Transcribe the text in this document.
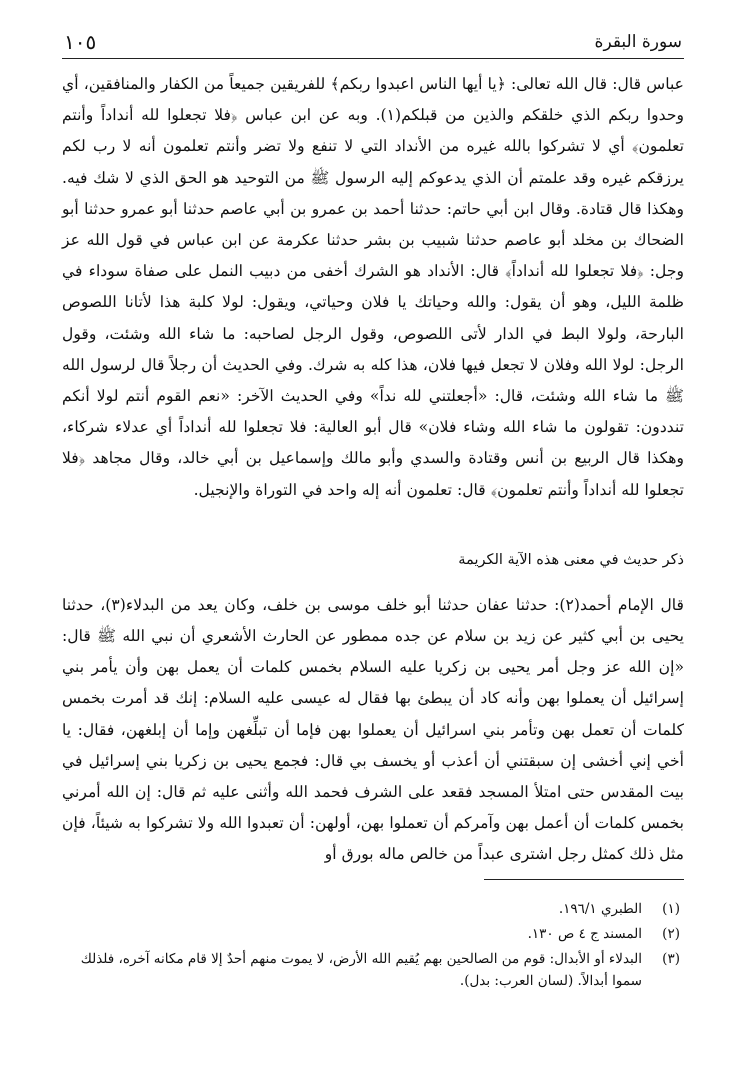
سورة البقرة
١٠٥

عباس قال: قال الله تعالى: ﴿يا أيها الناس اعبدوا ربكم﴾ للفريقين جميعاً من الكفار والمنافقين، أي وحدوا ربكم الذي خلقكم والذين من قبلكم(١). وبه عن ابن عباس ﴿فلا تجعلوا لله أنداداً وأنتم تعلمون﴾ أي لا تشركوا بالله غيره من الأنداد التي لا تنفع ولا تضر وأنتم تعلمون أنه لا رب لكم يرزقكم غيره وقد علمتم أن الذي يدعوكم إليه الرسول ﷺ من التوحيد هو الحق الذي لا شك فيه. وهكذا قال قتادة. وقال ابن أبي حاتم: حدثنا أحمد بن عمرو بن أبي عاصم حدثنا أبو عمرو حدثنا أبو الضحاك بن مخلد أبو عاصم حدثنا شبيب بن بشر حدثنا عكرمة عن ابن عباس في قول الله عز وجل: ﴿فلا تجعلوا لله أنداداً﴾ قال: الأنداد هو الشرك أخفى من دبيب النمل على صفاة سوداء في ظلمة الليل، وهو أن يقول: والله وحياتك يا فلان وحياتي، ويقول: لولا كلبة هذا لأتانا اللصوص البارحة، ولولا البط في الدار لأتى اللصوص، وقول الرجل لصاحبه: ما شاء الله وشئت، وقول الرجل: لولا الله وفلان لا تجعل فيها فلان، هذا كله به شرك. وفي الحديث أن رجلاً قال لرسول الله ﷺ ما شاء الله وشئت، قال: «أجعلتني لله نداً» وفي الحديث الآخر: «نعم القوم أنتم لولا أنكم تنددون: تقولون ما شاء الله وشاء فلان» قال أبو العالية: فلا تجعلوا لله أنداداً أي عدلاء شركاء، وهكذا قال الربيع بن أنس وقتادة والسدي وأبو مالك وإسماعيل بن أبي خالد، وقال مجاهد ﴿فلا تجعلوا لله أنداداً وأنتم تعلمون﴾ قال: تعلمون أنه إله واحد في التوراة والإنجيل.

ذكر حديث في معنى هذه الآية الكريمة

قال الإمام أحمد(٢): حدثنا عفان حدثنا أبو خلف موسى بن خلف، وكان يعد من البدلاء(٣)، حدثنا يحيى بن أبي كثير عن زيد بن سلام عن جده ممطور عن الحارث الأشعري أن نبي الله ﷺ قال: «إن الله عز وجل أمر يحيى بن زكريا عليه السلام بخمس كلمات أن يعمل بهن وأن يأمر بني إسرائيل أن يعملوا بهن وأنه كاد أن يبطئ بها فقال له عيسى عليه السلام: إنك قد أمرت بخمس كلمات أن تعمل بهن وتأمر بني اسرائيل أن يعملوا بهن فإما أن تبلِّغهن وإما أن إبلغهن، فقال: يا أخي إني أخشى إن سبقتني أن أعذب أو يخسف بي قال: فجمع يحيى بن زكريا بني إسرائيل في بيت المقدس حتى امتلأ المسجد فقعد على الشرف فحمد الله وأثنى عليه ثم قال: إن الله أمرني بخمس كلمات أن أعمل بهن وآمركم أن تعملوا بهن، أولهن: أن تعبدوا الله ولا تشركوا به شيئاً، فإن مثل ذلك كمثل رجل اشترى عبداً من خالص ماله بورق أو

(١)
الطبري ١٩٦/١.
(٢)
المسند ج ٤ ص ١٣٠.
(٣)
البدلاء أو الأبدال: قوم من الصالحين بهم يُقيم الله الأرض، لا يموت منهم أحدٌ إلا قام مكانه آخره، فلذلك سموا أبدالاً. (لسان العرب: بدل).
